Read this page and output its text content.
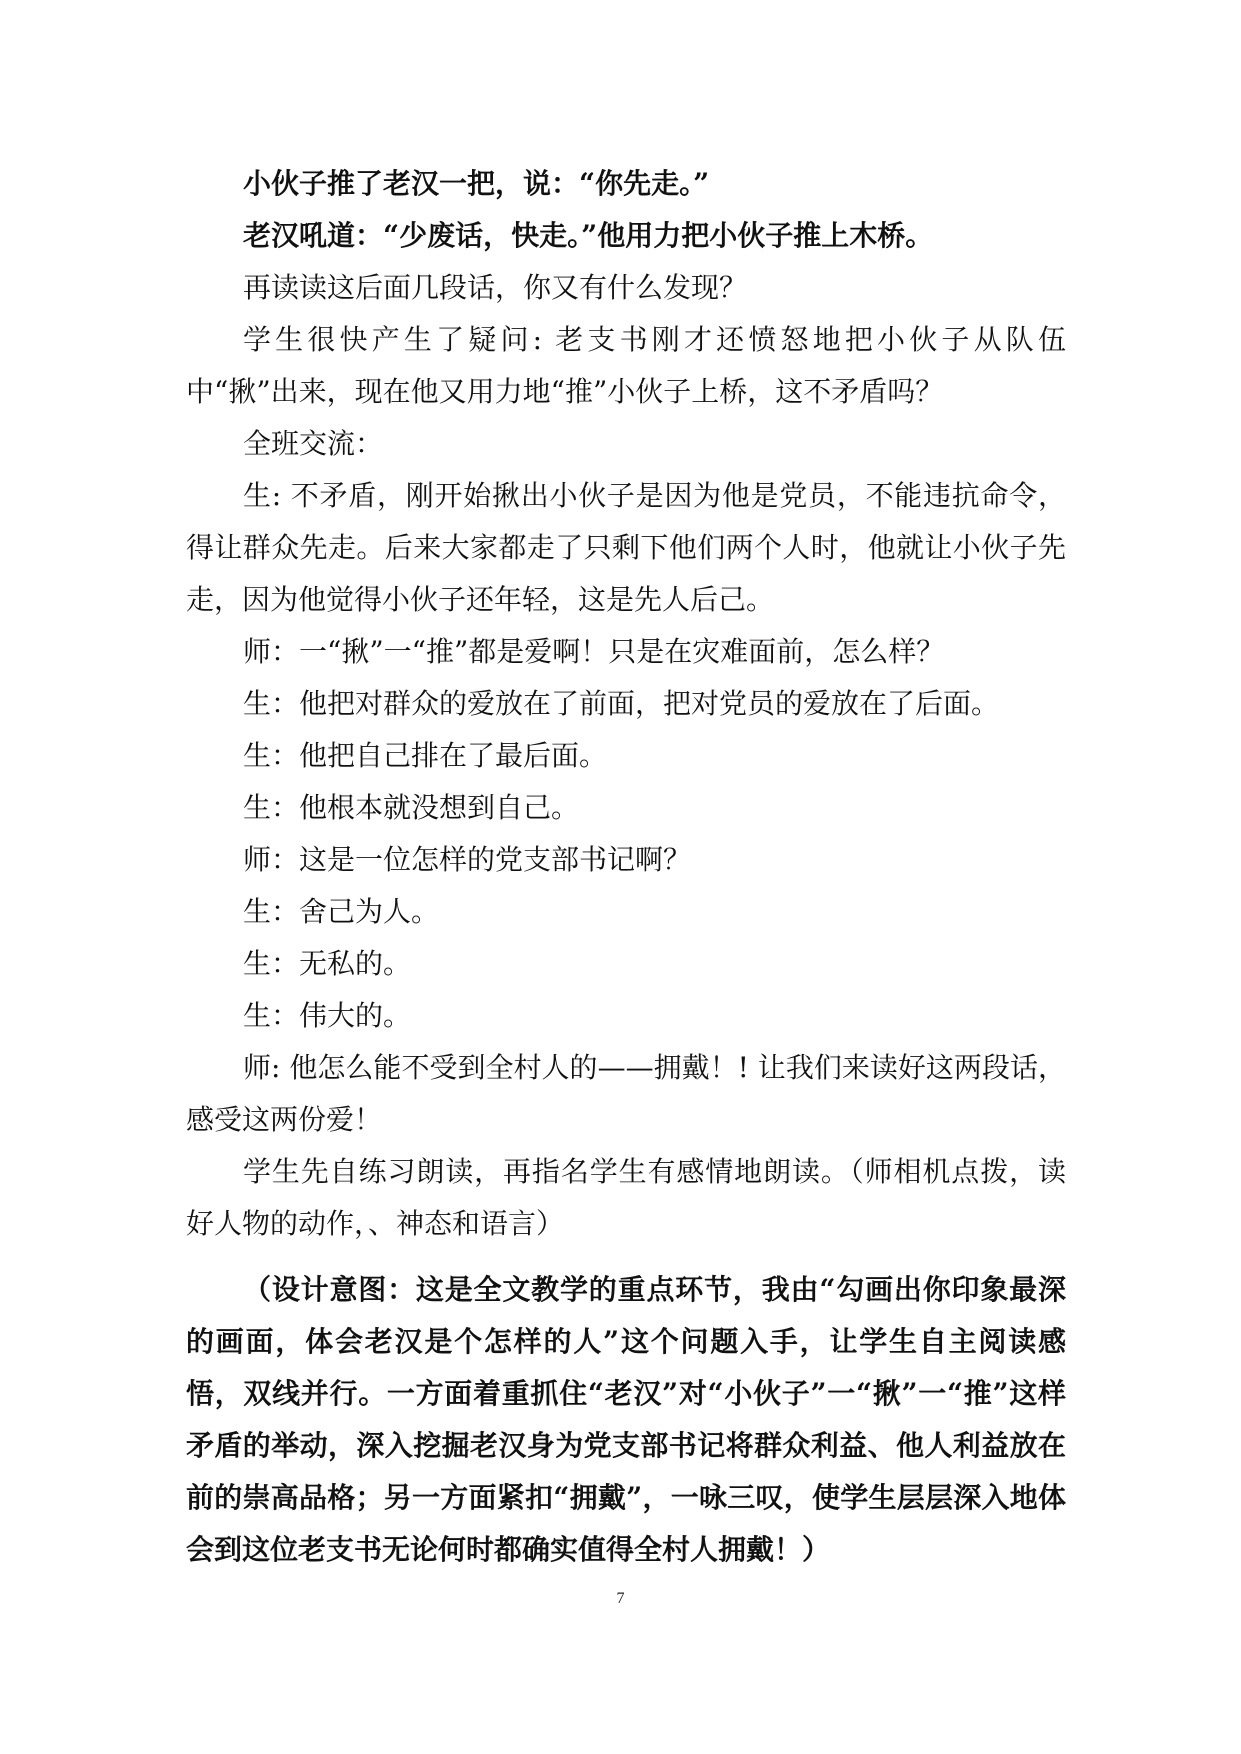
小伙子推了老汉一把，说：“你先走。”

老汉吼道：“少废话，快走。”他用力把小伙子推上木桥。

再读读这后面几段话，你又有什么发现？

学生很快产生了疑问: 老支书刚才还愤怒地把小伙子从队伍中“揪”出来，现在他又用力地“推”小伙子上桥，这不矛盾吗？

全班交流：

生: 不矛盾，刚开始揪出小伙子是因为他是党员，不能违抗命令，得让群众先走。后来大家都走了只剩下他们两个人时，他就让小伙子先走，因为他觉得小伙子还年轻，这是先人后己。

师：一“揪”一“推”都是爱啊！只是在灾难面前，怎么样？

生：他把对群众的爱放在了前面，把对党员的爱放在了后面。

生：他把自己排在了最后面。

生：他根本就没想到自己。

师：这是一位怎样的党支部书记啊？

生：舍己为人。

生：无私的。

生：伟大的。

师: 他怎么能不受到全村人的——拥戴！! 让我们来读好这两段话，感受这两份爱！

学生先自练习朗读，再指名学生有感情地朗读。（师相机点拨，读好人物的动作，、神态和语言）

（设计意图：这是全文教学的重点环节，我由“勾画出你印象最深的画面，体会老汉是个怎样的人”这个问题入手，让学生自主阅读感悟，双线并行。一方面着重抓住“老汉”对“小伙子”一“揪”一“推”这样矛盾的举动，深入挖掘老汉身为党支部书记将群众利益、他人利益放在前的崇高品格；另一方面紧扣“拥戴”，一咏三叹，使学生层层深入地体会到这位老支书无论何时都确实值得全村人拥戴！）

7
